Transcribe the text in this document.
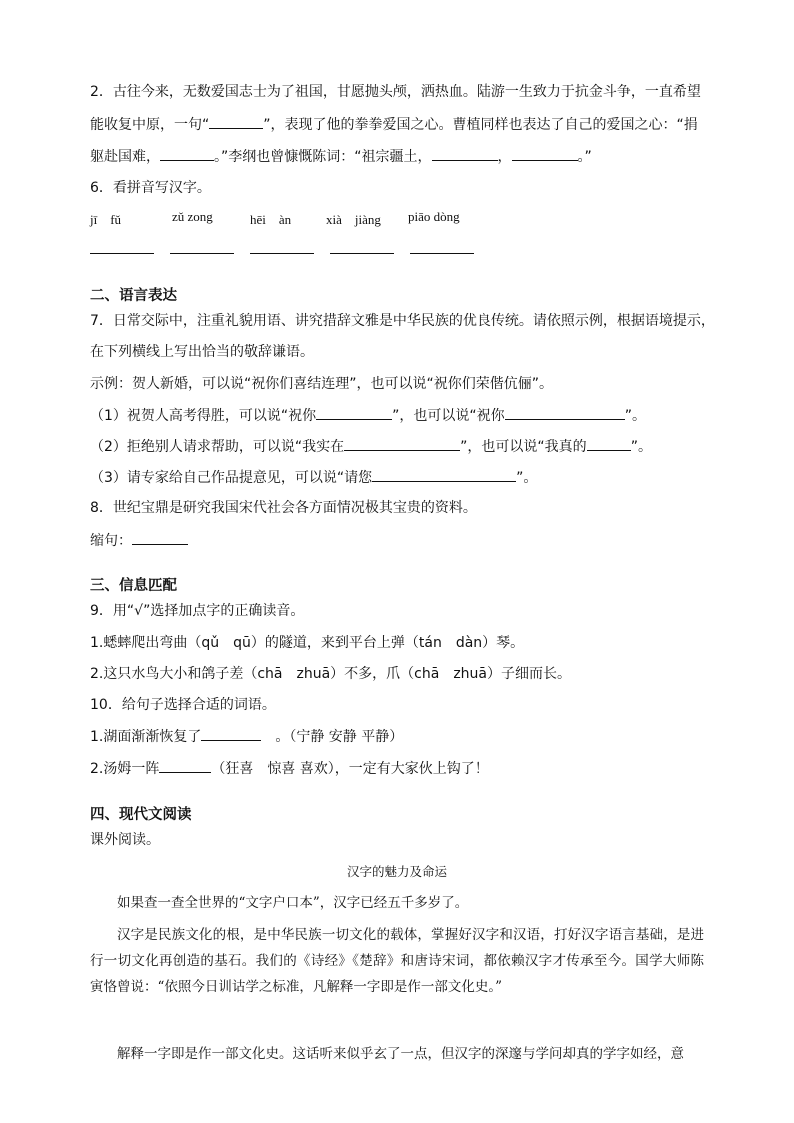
2．古往今来，无数爱国志士为了祖国，甘愿抛头颅，洒热血。陆游一生致力于抗金斗争，一直希望
能收复中原，一句“	”，表现了他的拳拳爱国之心。曹植同样也表达了自己的爱国之心：“捐
躯赴国难，	。”李纲也曾慷慨陈词：“祖宗疆土，	，	。”
6．看拼音写汉字。
jī　fǔ	zǔ zong	hēi　àn	xià　jiàng piāo dòng
二、语言表达
7．日常交际中，注重礼貌用语、讲究措辞文雅是中华民族的优良传统。请依照示例，根据语境提示，
在下列横线上写出恰当的敬辞谦语。
示例：贺人新婚，可以说“祝你们喜结连理”，也可以说“祝你们荣偕伉俪”。
（1）祝贺人高考得胜，可以说“祝你	”，也可以说“祝你	”。
（2）拒绝别人请求帮助，可以说“我实在	”，也可以说“我真的	”。
（3）请专家给自己作品提意见，可以说“请您	”。
8．世纪宝鼎是研究我国宋代社会各方面情况极其宝贵的资料。
缩句：
三、信息匹配
9．用“√”选择加点字的正确读音。
1.蟋蟀爬出弯曲（qǔ　qū）的隧道，来到平台上弹（tán　dàn）琴。
2.这只水鸟大小和鸽子差（chā　zhuā）不多，爪（chā　zhuā）子细而长。
10．给句子选择合适的词语。
1.湖面渐渐恢复了	　。（宁静 安静 平静）
2.汤姆一阵	（狂喜　惊喜 喜欢），一定有大家伙上钩了！
四、现代文阅读
课外阅读。
汉字的魅力及命运
如果查一查全世界的“文字户口本”，汉字已经五千多岁了。
汉字是民族文化的根，是中华民族一切文化的载体，掌握好汉字和汉语，打好汉字语言基础，是进行一切文化再创造的基石。我们的《诗经》《楚辞》和唐诗宋词，都依赖汉字才传承至今。国学大师陈寅恪曾说：“依照今日训诂学之标准，凡解释一字即是作一部文化史。”
解释一字即是作一部文化史。这话听来似乎玄了一点，但汉字的深邃与学问却真的学字如经，意
